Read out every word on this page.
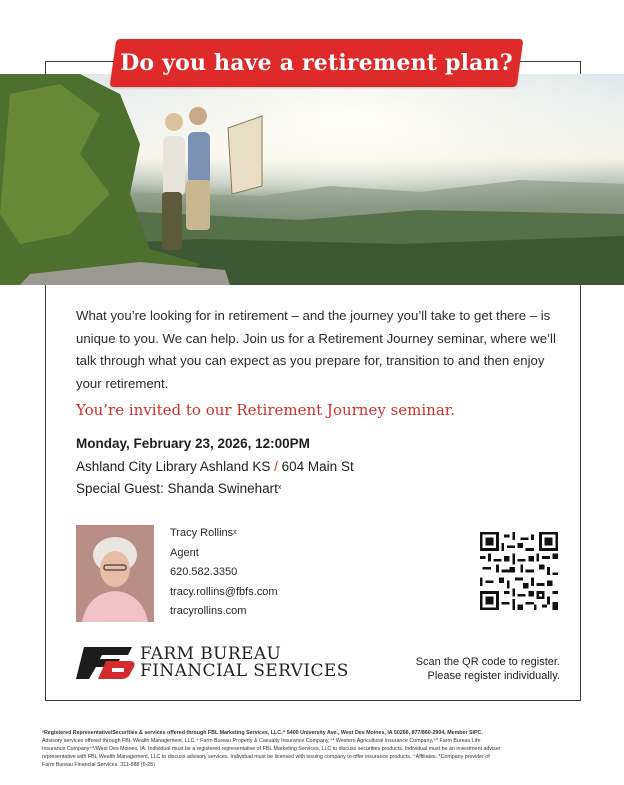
Do you have a retirement plan?
What you’re looking for in retirement – and the journey you’ll take to get there – is unique to you. We can help. Join us for a Retirement Journey seminar, where we’ll talk through what you can expect as you prepare for, transition to and then enjoy your retirement.
You’re invited to our Retirement Journey seminar.
Monday, February 23, 2026, 12:00PM
Ashland City Library Ashland KS / 604 Main St
Special Guest: Shanda Swinehart$^x$
Tracy Rollins$^x$
Agent
620.582.3350
tracy.rollins@fbfs.com
tracyrollins.com
FARM BUREAU
FINANCIAL SERVICES	Scan the QR code to register.
Please register individually.
ˣRegistered Representative/Securities & services offered through FBL Marketing Services, LLC,⁺ 5400 University Ave., West Des Moines, IA 50266, 877/860-2904, Member SIPC.
Advisory services offered through FBL Wealth Management, LLC.⁺ Farm Bureau Property & Casualty Insurance Company,⁺* Western Agricultural Insurance Company,⁺* Farm Bureau Life
Insurance Company⁺*/West Des Moines, IA. Individual must be a registered representative of FBL Marketing Services, LLC to discuss securities products. Individual must be an investment adviser
representative with FBL Wealth Management, LLC to discuss advisory services. Individual must be licensed with issuing company to offer insurance products. ⁺Affiliates. *Company provider of
Farm Bureau Financial Services. 311-888 (6-25)
